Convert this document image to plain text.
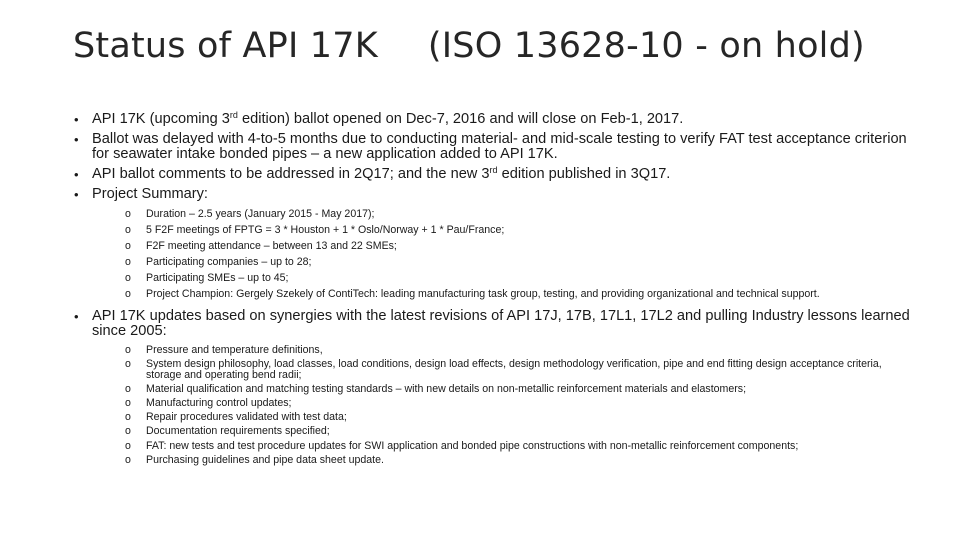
Status of API 17K (ISO 13628-10 - on hold)
• API 17K (upcoming 3rd edition) ballot opened on Dec-7, 2016 and will close on Feb-1, 2017.
• Ballot was delayed with 4-to-5 months due to conducting material- and mid-scale testing to verify FAT test acceptance criterion for seawater intake bonded pipes – a new application added to API 17K.
• API ballot comments to be addressed in 2Q17; and the new 3rd edition published in 3Q17.
• Project Summary:
o Duration – 2.5 years (January 2015 - May 2017);
o 5 F2F meetings of FPTG = 3 * Houston + 1 * Oslo/Norway + 1 * Pau/France;
o F2F meeting attendance – between 13 and 22 SMEs;
o Participating companies – up to 28;
o Participating SMEs – up to 45;
o Project Champion: Gergely Szekely of ContiTech: leading manufacturing task group, testing, and providing organizational and technical support.
• API 17K updates based on synergies with the latest revisions of API 17J, 17B, 17L1, 17L2 and pulling Industry lessons learned since 2005:
o Pressure and temperature definitions,
o System design philosophy, load classes, load conditions, design load effects, design methodology verification, pipe and end fitting design acceptance criteria, storage and operating bend radii;
o Material qualification and matching testing standards – with new details on non-metallic reinforcement materials and elastomers;
o Manufacturing control updates;
o Repair procedures validated with test data;
o Documentation requirements specified;
o FAT: new tests and test procedure updates for SWI application and bonded pipe constructions with non-metallic reinforcement components;
o Purchasing guidelines and pipe data sheet update.
